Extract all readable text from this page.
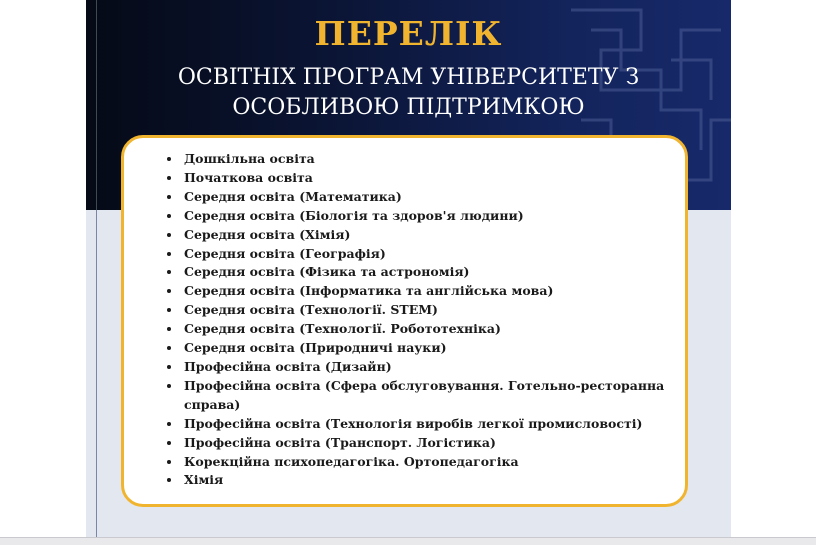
ПЕРЕЛІК
ОСВІТНІХ ПРОГРАМ УНІВЕРСИТЕТУ З
ОСОБЛИВОЮ ПІДТРИМКОЮ
• Дошкільна освіта
• Початкова освіта
• Середня освіта (Математика)
• Середня освіта (Біологія та здоров'я людини)
• Середня освіта (Хімія)
• Середня освіта (Географія)
• Середня освіта (Фізика та астрономія)
• Середня освіта (Інформатика та англійська мова)
• Середня освіта (Технології. STEM)
• Середня освіта (Технології. Робототехніка)
• Середня освіта (Природничі науки)
• Професійна освіта (Дизайн)
• Професійна освіта (Сфера обслуговування. Готельно-ресторанна справа)
• Професійна освіта (Технологія виробів легкої промисловості)
• Професійна освіта (Транспорт. Логістика)
• Корекційна психопедагогіка. Ортопедагогіка
• Хімія
